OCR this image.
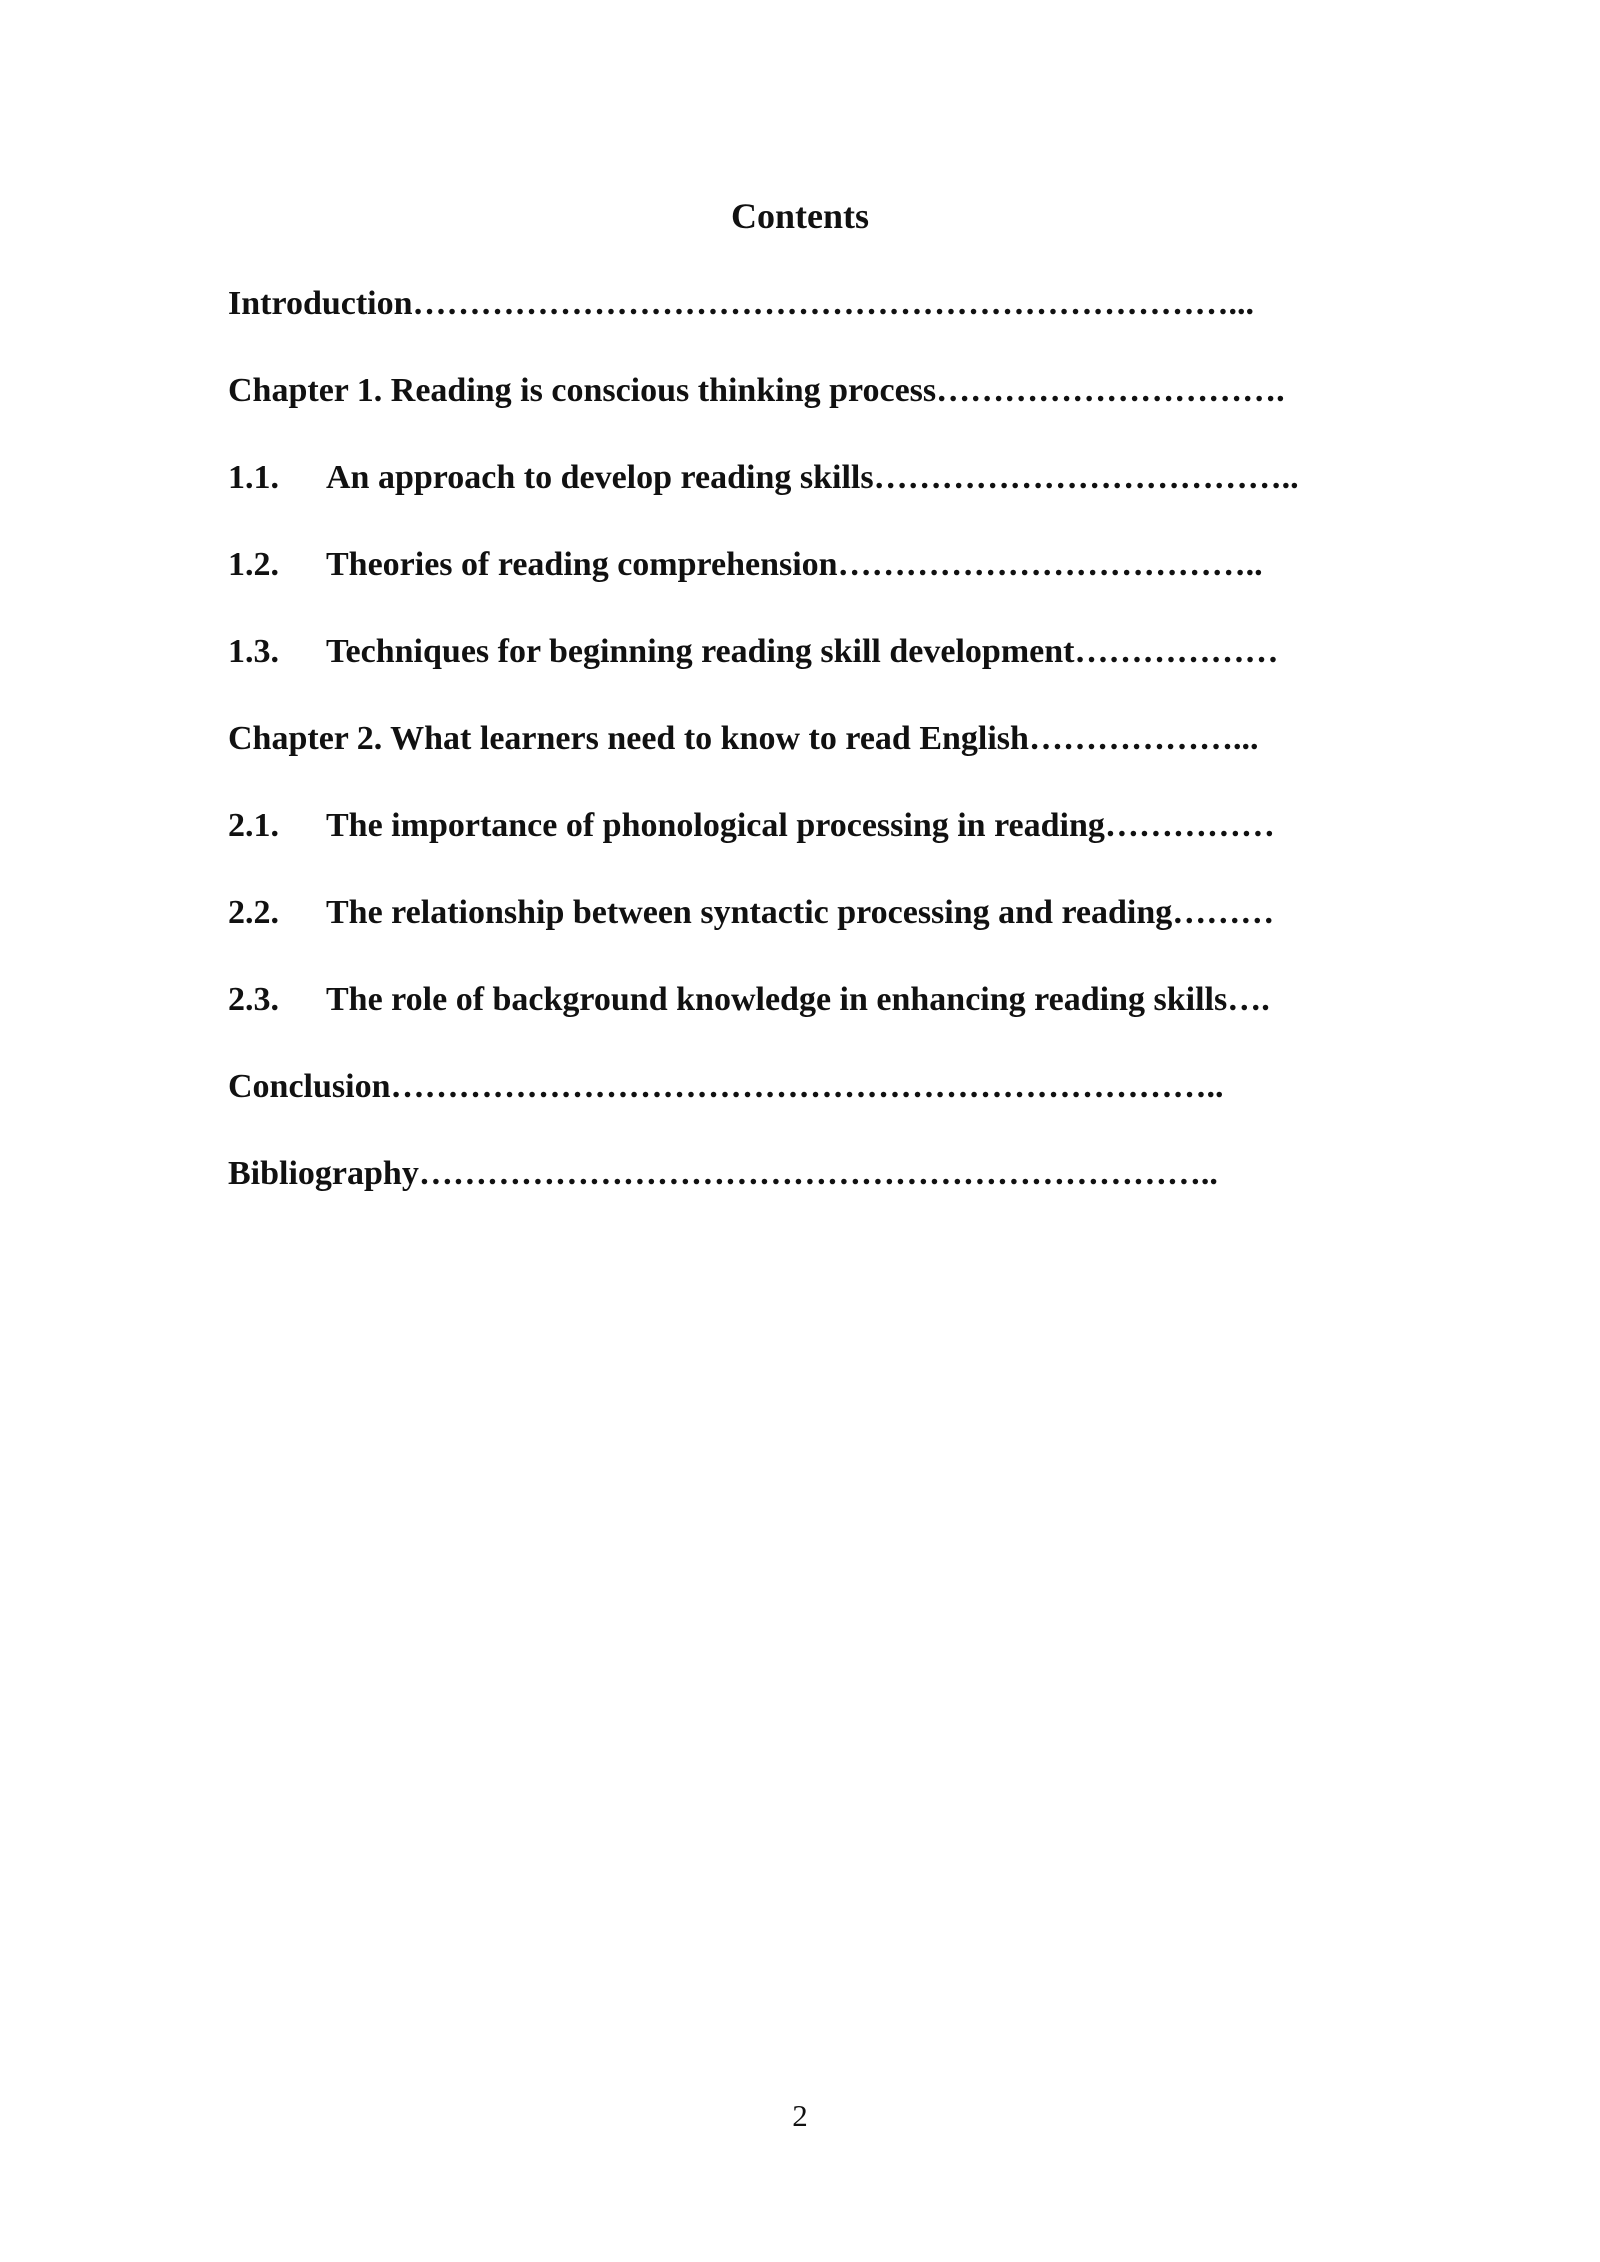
Contents
Introduction………………………………………………………………...
Chapter 1. Reading is conscious thinking process………………………….
1.1.	An approach to develop reading skills………………………………..
1.2.	Theories of reading comprehension………………………………..
1.3.	Techniques for beginning reading skill development………………
Chapter 2. What learners need to know to read English………………...
2.1.	The importance of phonological processing in reading……………
2.2.	The relationship between syntactic processing and reading………
2.3.	The role of background knowledge in enhancing reading skills….
Conclusion………………………………………………………………..
Bibliography……………………………………………………………..
2
